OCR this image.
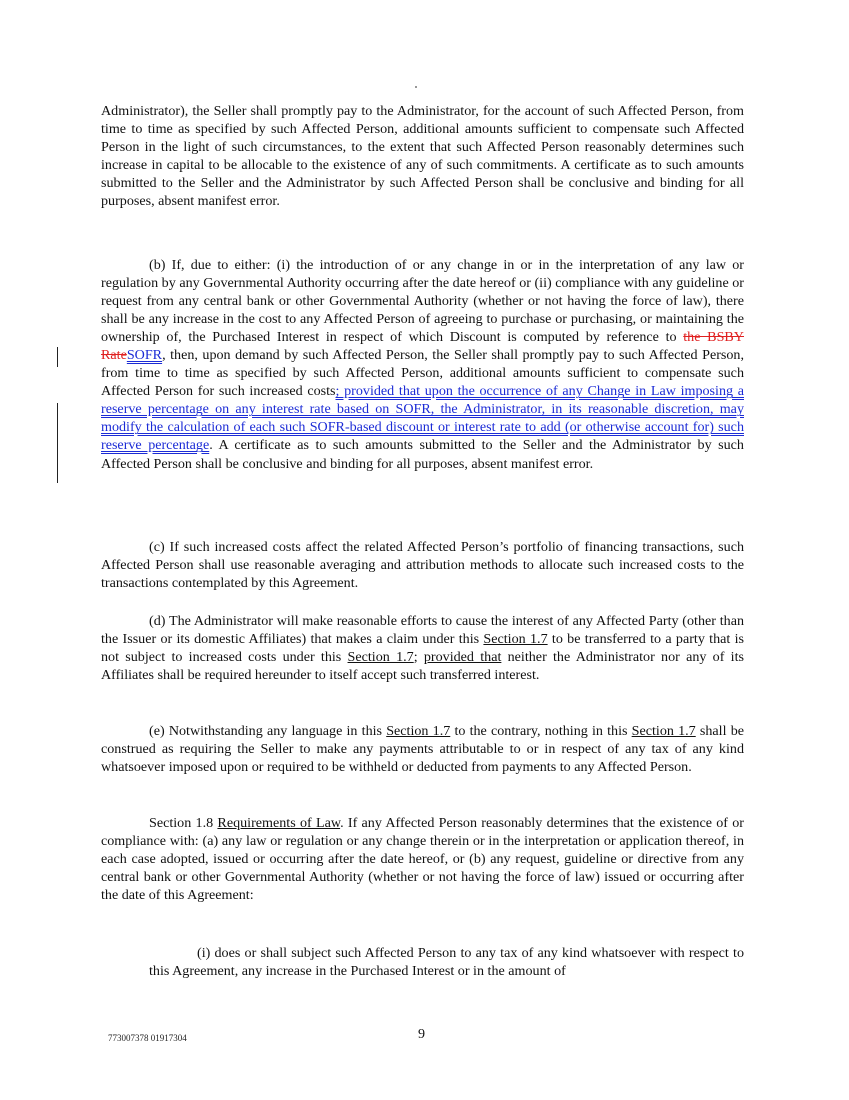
Administrator), the Seller shall promptly pay to the Administrator, for the account of such Affected Person, from time to time as specified by such Affected Person, additional amounts sufficient to compensate such Affected Person in the light of such circumstances, to the extent that such Affected Person reasonably determines such increase in capital to be allocable to the existence of any of such commitments. A certificate as to such amounts submitted to the Seller and the Administrator by such Affected Person shall be conclusive and binding for all purposes, absent manifest error.

(b) If, due to either: (i) the introduction of or any change in or in the interpretation of any law or regulation by any Governmental Authority occurring after the date hereof or (ii) compliance with any guideline or request from any central bank or other Governmental Authority (whether or not having the force of law), there shall be any increase in the cost to any Affected Person of agreeing to purchase or purchasing, or maintaining the ownership of, the Purchased Interest in respect of which Discount is computed by reference to the BSBY RateSOFR, then, upon demand by such Affected Person, the Seller shall promptly pay to such Affected Person, from time to time as specified by such Affected Person, additional amounts sufficient to compensate such Affected Person for such increased costs; provided that upon the occurrence of any Change in Law imposing a reserve percentage on any interest rate based on SOFR, the Administrator, in its reasonable discretion, may modify the calculation of each such SOFR-based discount or interest rate to add (or otherwise account for) such reserve percentage. A certificate as to such amounts submitted to the Seller and the Administrator by such Affected Person shall be conclusive and binding for all purposes, absent manifest error.

(c) If such increased costs affect the related Affected Person’s portfolio of financing transactions, such Affected Person shall use reasonable averaging and attribution methods to allocate such increased costs to the transactions contemplated by this Agreement.

(d) The Administrator will make reasonable efforts to cause the interest of any Affected Party (other than the Issuer or its domestic Affiliates) that makes a claim under this Section 1.7 to be transferred to a party that is not subject to increased costs under this Section 1.7; provided that neither the Administrator nor any of its Affiliates shall be required hereunder to itself accept such transferred interest.

(e) Notwithstanding any language in this Section 1.7 to the contrary, nothing in this Section 1.7 shall be construed as requiring the Seller to make any payments attributable to or in respect of any tax of any kind whatsoever imposed upon or required to be withheld or deducted from payments to any Affected Person.

Section 1.8 Requirements of Law. If any Affected Person reasonably determines that the existence of or compliance with: (a) any law or regulation or any change therein or in the interpretation or application thereof, in each case adopted, issued or occurring after the date hereof, or (b) any request, guideline or directive from any central bank or other Governmental Authority (whether or not having the force of law) issued or occurring after the date of this Agreement:

(i) does or shall subject such Affected Person to any tax of any kind whatsoever with respect to this Agreement, any increase in the Purchased Interest or in the amount of

773007378 01917304	9
